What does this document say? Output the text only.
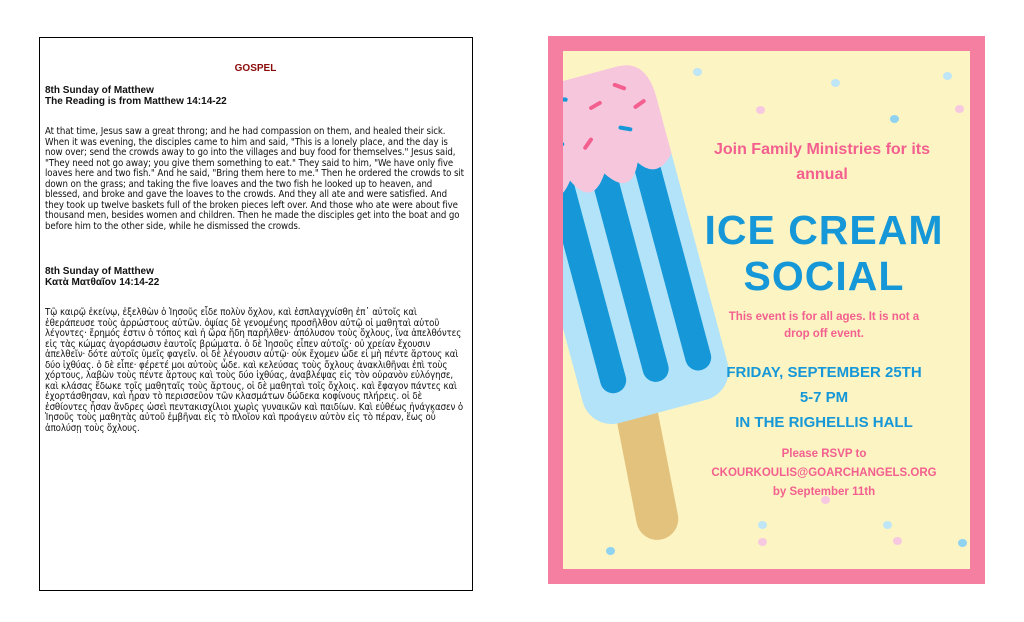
GOSPEL

8th Sunday of Matthew

The Reading is from Matthew 14:14-22

At that time, Jesus saw a great throng; and he had compassion on them, and healed their sick. When it was evening, the disciples came to him and said, "This is a lonely place, and the day is now over; send the crowds away to go into the villages and buy food for themselves." Jesus said, "They need not go away; you give them something to eat." They said to him, "We have only five loaves here and two fish." And he said, "Bring them here to me." Then he ordered the crowds to sit down on the grass; and taking the five loaves and the two fish he looked up to heaven, and blessed, and broke and gave the loaves to the crowds. And they all ate and were satisfied. And they took up twelve baskets full of the broken pieces left over. And those who ate were about five thousand men, besides women and children. Then he made the disciples get into the boat and go before him to the other side, while he dismissed the crowds.

8th Sunday of Matthew

Κατὰ Ματθαῖον 14:14-22

Τῷ καιρῷ ἐκείνῳ, ἐξελθὼν ὁ Ἰησοῦς εἶδε πολὺν ὄχλον, καὶ ἐσπλαγχνίσθη ἐπ᾽ αὐτοῖς καὶ ἐθεράπευσε τοὺς ἀρρώστους αὐτῶν. ὀψίας δὲ γενομένης προσῆλθον αὐτῷ οἱ μαθηταὶ αὐτοῦ λέγοντες· ἔρημός ἐστιν ὁ τόπος καὶ ἡ ὥρα ἤδη παρῆλθεν· ἀπόλυσον τοὺς ὄχλους, ἵνα ἀπελθόντες εἰς τὰς κώμας ἀγοράσωσιν ἑαυτοῖς βρώματα. ὁ δὲ Ἰησοῦς εἶπεν αὐτοῖς· οὐ χρείαν ἔχουσιν ἀπελθεῖν· δότε αὐτοῖς ὑμεῖς φαγεῖν. οἱ δὲ λέγουσιν αὐτῷ· οὐκ ἔχομεν ὧδε εἰ μὴ πέντε ἄρτους καὶ δύο ἰχθύας. ὁ δὲ εἶπε· φέρετέ μοι αὐτοὺς ὧδε. καὶ κελεύσας τοὺς ὄχλους ἀνακλιθῆναι ἐπὶ τοὺς χόρτους, λαβὼν τοὺς πέντε ἄρτους καὶ τοὺς δύο ἰχθύας, ἀναβλέψας εἰς τὸν οὐρανὸν εὐλόγησε, καὶ κλάσας ἔδωκε τοῖς μαθηταῖς τοὺς ἄρτους, οἱ δὲ μαθηταὶ τοῖς ὄχλοις. καὶ ἔφαγον πάντες καὶ ἐχορτάσθησαν, καὶ ἦραν τὸ περισσεῦον τῶν κλασμάτων δώδεκα κοφίνους πλήρεις. οἱ δὲ ἐσθίοντες ἦσαν ἄνδρες ὡσεὶ πεντακισχίλιοι χωρὶς γυναικῶν καὶ παιδίων. Καὶ εὐθέως ἠνάγκασεν ὁ Ἰησοῦς τοὺς μαθητὰς αὐτοῦ ἐμβῆναι εἰς τὸ πλοῖον καὶ προάγειν αὐτὸν εἰς τὸ πέραν, ἕως οὗ ἀπολύσῃ τοὺς ὄχλους.

Join Family Ministries for its
annual
ICE CREAM
SOCIAL
This event is for all ages. It is not a
drop off event.
FRIDAY, SEPTEMBER 25TH
5-7 PM
IN THE RIGHELLIS HALL
Please RSVP to
CKOURKOULIS@GOARCHANGELS.ORG
by September 11th
